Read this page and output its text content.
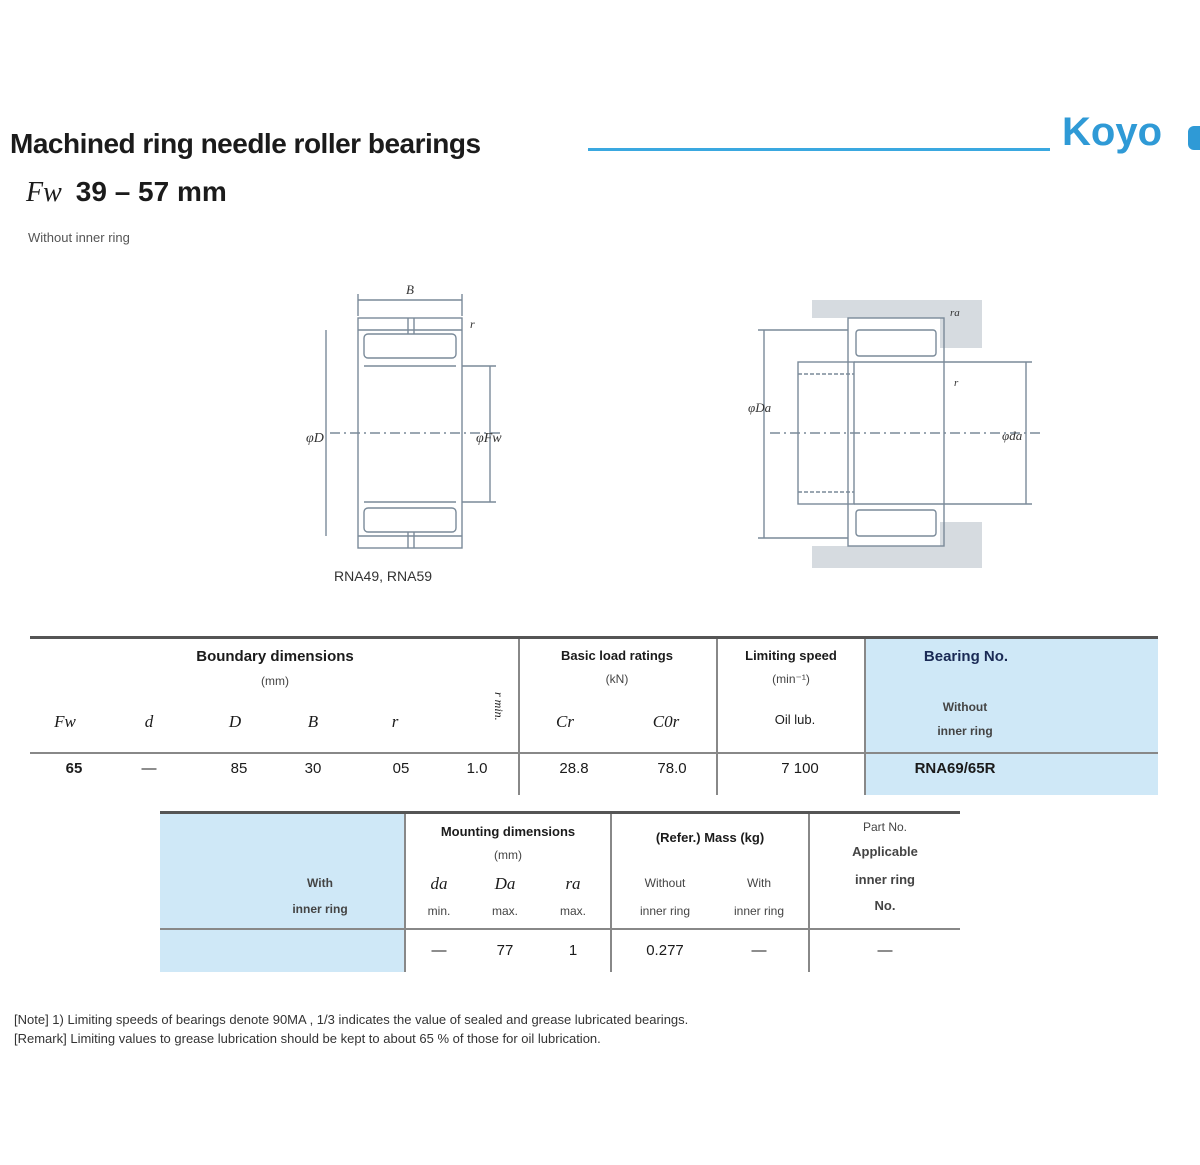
Machined ring needle roller bearings	Koyo
Fw 39 – 57 mm
Without inner ring
B
r
φD	φFw
RNA49, RNA59
ra
φDa
φda
r
Boundary dimensions
(mm)
Basic load ratings
(kN)
Limiting speed
(min⁻¹)
Bearing No.
Without
inner ring
Fw	d	D	B	r
r min.
Cr	C0r	Oil lub.
65	—	85	30	05	1.0	28.8	78.0	7 100	RNA69/65R
With
inner ring
Mounting dimensions
(mm)
da	Da	ra
min.	max.	max.
(Refer.) Mass (kg)
Without
inner ring
With
inner ring
Part No.
Applicable
inner ring
No.
—	77	1	0.277	—	—
[Note] 1) Limiting speeds of bearings denote 90MA , 1/3 indicates the value of sealed and grease lubricated bearings.
[Remark] Limiting values to grease lubrication should be kept to about 65 % of those for oil lubrication.
